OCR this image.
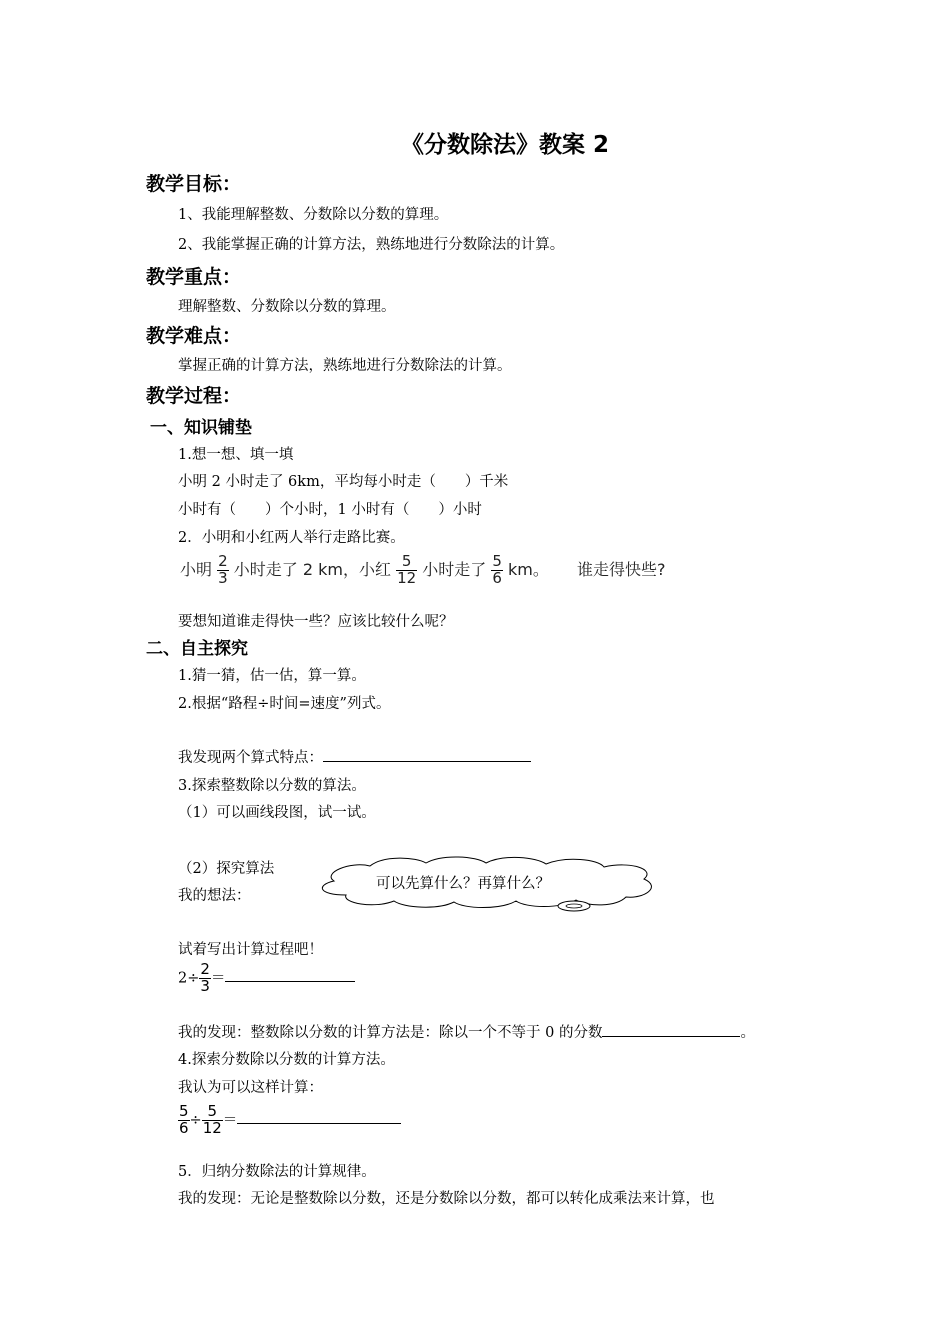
《分数除法》教案 2
教学目标：
1、我能理解整数、分数除以分数的算理。
2、我能掌握正确的计算方法，熟练地进行分数除法的计算。
教学重点：
理解整数、分数除以分数的算理。
教学难点：
掌握正确的计算方法，熟练地进行分数除法的计算。
教学过程：
一、知识铺垫
1.想一想、填一填
小明 2 小时走了 6km，平均每小时走（　　）千米
小时有（　　）个小时，1 小时有（　　）小时
2．小明和小红两人举行走路比赛。
小明 $\frac{2}{3}$ 小时走了 2 km，小红 $\frac{5}{12}$ 小时走了 $\frac{5}{6}$ km。 谁走得快些?
要想知道谁走得快一些？应该比较什么呢？
二、自主探究
1.猜一猜，估一估，算一算。
2.根据“路程÷时间=速度”列式。
我发现两个算式特点：
3.探索整数除以分数的算法。
（1）可以画线段图，试一试。
（2）探究算法
我的想法：
可以先算什么？再算什么？
试着写出计算过程吧！
$2\div \frac{2}{3}$ ＝
我的发现：整数除以分数的计算方法是：除以一个不等于 0 的分数	。
4.探索分数除以分数的计算方法。
我认为可以这样计算：
$\frac{5}{6} \div \frac{5}{12}$ ＝
5．归纳分数除法的计算规律。
我的发现：无论是整数除以分数，还是分数除以分数，都可以转化成乘法来计算，也
